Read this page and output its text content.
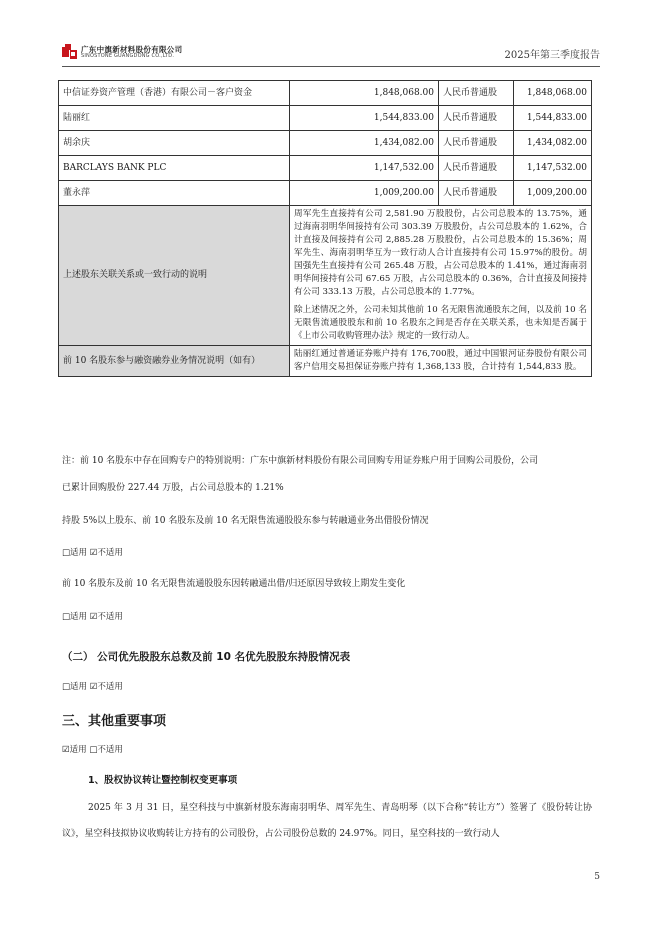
广东中旗新材料股份有限公司
SINOSTONE GUANGDONG CO.,LTD.	2025年第三季度报告
中信证券资产管理（香港）有限公司－客户资金	1,848,068.00	人民币普通股	1,848,068.00
陆丽红	1,544,833.00	人民币普通股	1,544,833.00
胡余庆	1,434,082.00	人民币普通股	1,434,082.00
BARCLAYS BANK PLC	1,147,532.00	人民币普通股	1,147,532.00
董永萍	1,009,200.00	人民币普通股	1,009,200.00
上述股东关联关系或一致行动的说明	周军先生直接持有公司 2,581.90 万股股份，占公司总股本的 13.75%，通过海南羽明华间接持有公司 303.39 万股股份，占公司总股本的 1.62%，合计直接及间接持有公司 2,885.28 万股股份，占公司总股本的 15.36%；周军先生、海南羽明华互为一致行动人合计直接持有公司 15.97%的股份。胡国强先生直接持有公司 265.48 万股，占公司总股本的 1.41%，通过海南羽明华间接持有公司 67.65 万股，占公司总股本的 0.36%，合计直接及间接持有公司 333.13 万股，占公司总股本的 1.77%。

除上述情况之外，公司未知其他前 10 名无限售流通股东之间，以及前 10 名无限售流通股股东和前 10 名股东之间是否存在关联关系，也未知是否属于《上市公司收购管理办法》规定的一致行动人。		

前 10 名股东参与融资融券业务情况说明（如有）	陆丽红通过普通证券账户持有 176,700股，通过中国银河证券股份有限公司客户信用交易担保证券账户持有 1,368,133 股，合计持有 1,544,833 股。		
注：前 10 名股东中存在回购专户的特别说明：广东中旗新材料股份有限公司回购专用证券账户用于回购公司股份，公司
已累计回购股份 227.44 万股，占公司总股本的 1.21%
持股 5%以上股东、前 10 名股东及前 10 名无限售流通股股东参与转融通业务出借股份情况
□适用 ☑不适用
前 10 名股东及前 10 名无限售流通股股东因转融通出借/归还原因导致较上期发生变化
□适用 ☑不适用
（二） 公司优先股股东总数及前 10 名优先股股东持股情况表
□适用 ☑不适用
三、其他重要事项
☑适用 □不适用
1、股权协议转让暨控制权变更事项
2025 年 3 月 31 日，星空科技与中旗新材股东海南羽明华、周军先生、青岛明琴（以下合称“转让方”）签署了《股份转让协议》，星空科技拟协议收购转让方持有的公司股份，占公司股份总数的 24.97%。同日，星空科技的一致行动人
5
